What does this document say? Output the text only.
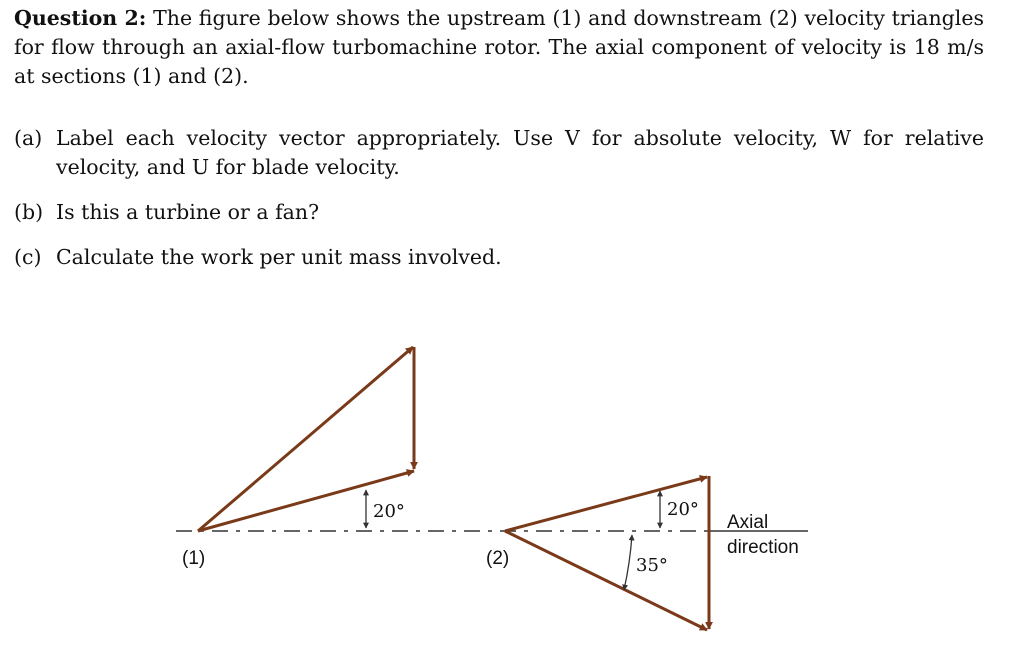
Question 2: The figure below shows the upstream (1) and downstream (2) velocity triangles for flow through an axial-flow turbomachine rotor. The axial component of velocity is 18 m/s at sections (1) and (2).
(a) Label each velocity vector appropriately. Use V for absolute velocity, W for relative velocity, and U for blade velocity.
(b) Is this a turbine or a fan?
(c) Calculate the work per unit mass involved.
(1)	(2)
20°	20°
35°
Axial
direction
